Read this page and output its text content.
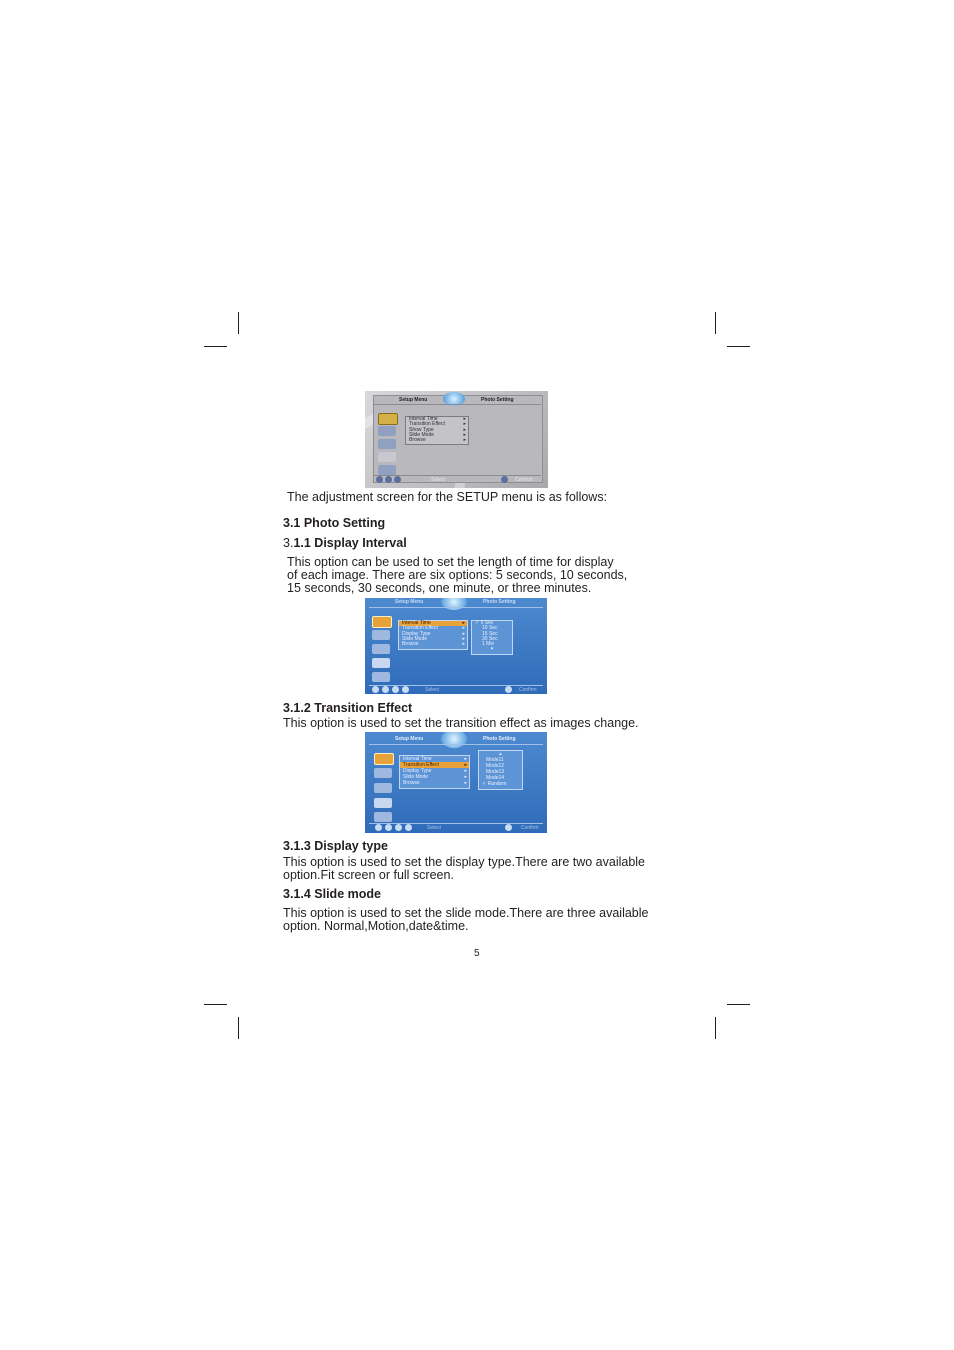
Setup Menu	Photo Setting
Interval Time ▸
Transition Effect ▸
Show Type ▸
Slide Mode ▸
Browse ▸
Select	Confirm
The adjustment screen for the SETUP menu is as follows:
3.1 Photo Setting
3.1.1 Display Interval
This option can be used to set the length of time for display
of each image. There are six options: 5 seconds, 10 seconds,
15 seconds, 30 seconds, one minute, or three minutes.
Setup Menu	Photo Setting
Interval Time ▸
Transition Effect ▸
Display Type ▸
Slide Mode ▸
Browse ▸
✓ 5 Sec
10 Sec
15 Sec
30 Sec
1 Min
▾
Select	Confirm
3.1.2 Transition Effect
This option is used to set the transition effect as images change.
Setup Menu	Photo Setting
Interval Time ▸
Transition Effect ▸
Display Type ▸
Slide Mode ▸
Browse ▸
▴
Mode11
Mode12
Mode13
Mode14
✓ Random
Select	Confirm
3.1.3 Display type
This option is used to set the display type.There are two available
option.Fit screen or full screen.
3.1.4 Slide mode
This option is used to set the slide mode.There are three available
option. Normal,Motion,date&time.
5
